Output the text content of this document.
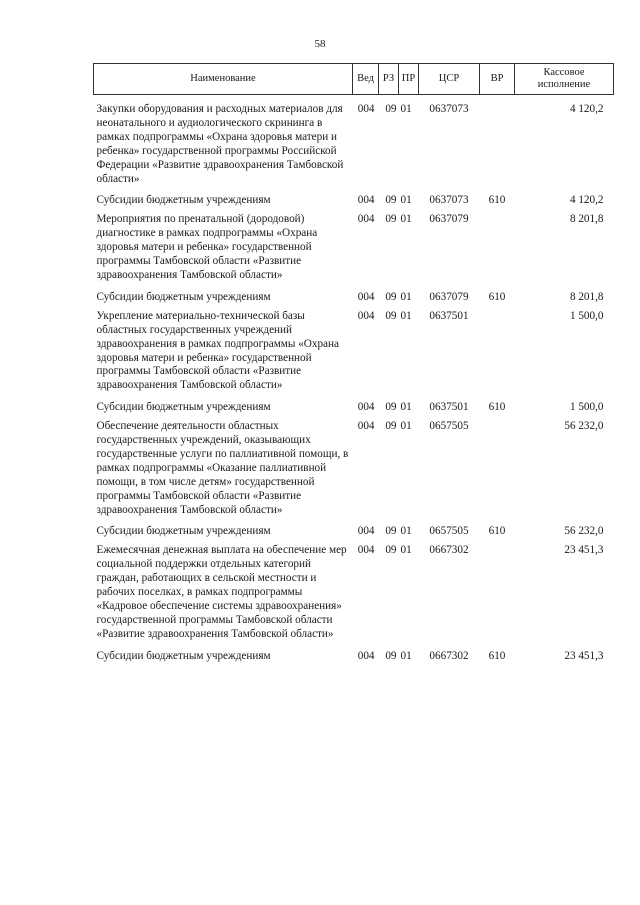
58
Наименование	Вед	РЗ	ПР	ЦСР	ВР	Кассовое исполнение
Закупки оборудования и расходных материалов для неонатального и аудиологического скрининга в рамках подпрограммы «Охрана здоровья матери и ребенка» государственной программы Российской Федерации «Развитие здравоохранения Тамбовской области»	004	09	01	0637073		4 120,2
Субсидии бюджетным учреждениям	004	09	01	0637073	610	4 120,2
Мероприятия по пренатальной (дородовой) диагностике в рамках подпрограммы «Охрана здоровья матери и ребенка» государственной программы Тамбовской области «Развитие здравоохранения Тамбовской области»	004	09	01	0637079		8 201,8
Субсидии бюджетным учреждениям	004	09	01	0637079	610	8 201,8
Укрепление материально-технической базы областных государственных учреждений здравоохранения в рамках подпрограммы «Охрана здоровья матери и ребенка» государственной программы Тамбовской области «Развитие здравоохранения Тамбовской области»	004	09	01	0637501		1 500,0
Субсидии бюджетным учреждениям	004	09	01	0637501	610	1 500,0
Обеспечение деятельности областных государственных учреждений, оказывающих государственные услуги по паллиативной помощи, в рамках подпрограммы «Оказание паллиативной помощи, в том числе детям» государственной программы Тамбовской области «Развитие здравоохранения Тамбовской области»	004	09	01	0657505		56 232,0
Субсидии бюджетным учреждениям	004	09	01	0657505	610	56 232,0
Ежемесячная денежная выплата на обеспечение мер социальной поддержки отдельных категорий граждан, работающих в сельской местности и рабочих поселках, в рамках подпрограммы «Кадровое обеспечение системы здравоохранения» государственной программы Тамбовской области «Развитие здравоохранения Тамбовской области»	004	09	01	0667302		23 451,3
Субсидии бюджетным учреждениям	004	09	01	0667302	610	23 451,3
